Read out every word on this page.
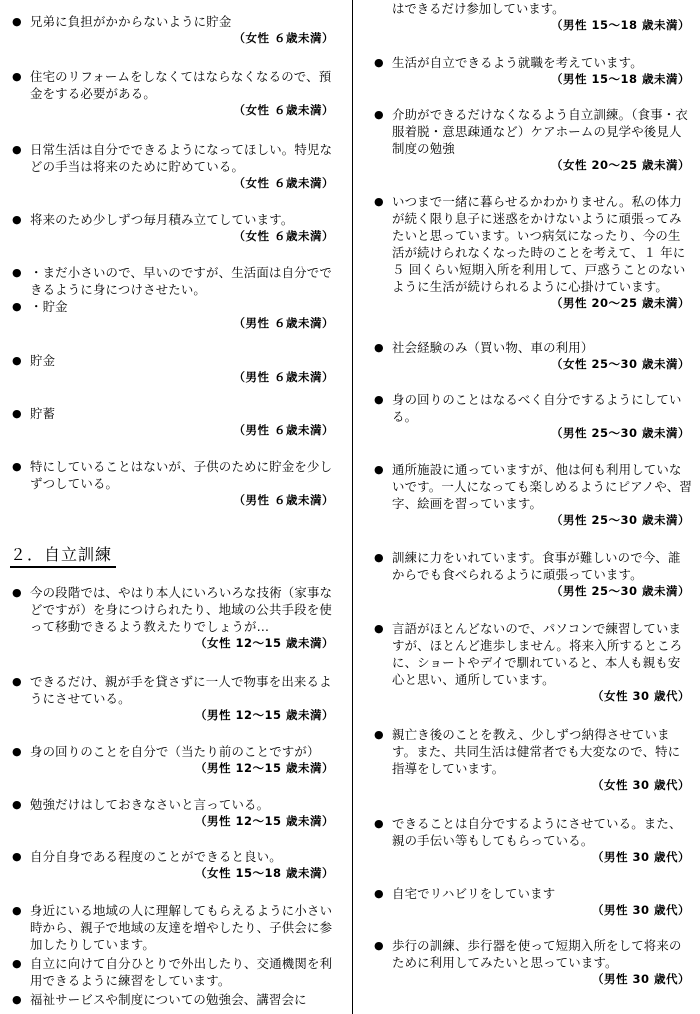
● 兄弟に負担がかからないように貯金
（女性 ６歳未満）
● 住宅のリフォームをしなくてはならなくなるので、預金をする必要がある。
（女性 ６歳未満）
● 日常生活は自分でできるようになってほしい。特児などの手当は将来のために貯めている。
（女性 ６歳未満）
● 将来のため少しずつ毎月積み立てしています。
（女性 ６歳未満）
● ・まだ小さいので、早いのですが、生活面は自分でできるように身につけさせたい。
● ・貯金
（男性 ６歳未満）
● 貯金
（男性 ６歳未満）
● 貯蓄
（男性 ６歳未満）
● 特にしていることはないが、子供のために貯金を少しずつしている。
（男性 ６歳未満）
２．自立訓練
● 今の段階では、やはり本人にいろいろな技術（家事などですが）を身につけられたり、地域の公共手段を使って移動できるよう教えたりでしょうが…
（女性 12～15 歳未満）
● できるだけ、親が手を貸さずに一人で物事を出来るようにさせている。
（男性 12～15 歳未満）
● 身の回りのことを自分で（当たり前のことですが）
（男性 12～15 歳未満）
● 勉強だけはしておきなさいと言っている。
（男性 12～15 歳未満）
● 自分自身である程度のことができると良い。
（女性 15～18 歳未満）
● 身近にいる地域の人に理解してもらえるように小さい時から、親子で地域の友達を増やしたり、子供会に参加したりしています。
● 自立に向けて自分ひとりで外出したり、交通機関を利用できるように練習をしています。
● 福祉サービスや制度についての勉強会、講習会に
はできるだけ参加しています。
（男性 15～18 歳未満）
● 生活が自立できるよう就職を考えています。
（男性 15～18 歳未満）
● 介助ができるだけなくなるよう自立訓練。（食事・衣服着脱・意思疎通など）ケアホームの見学や後見人制度の勉強
（女性 20～25 歳未満）
● いつまで一緒に暮らせるかわかりません。私の体力が続く限り息子に迷惑をかけないように頑張ってみたいと思っています。いつ病気になったり、今の生活が続けられなくなった時のことを考えて、１ 年に ５ 回くらい短期入所を利用して、戸惑うことのないように生活が続けられるように心掛けています。
（男性 20～25 歳未満）
● 社会経験のみ（買い物、車の利用）
（女性 25～30 歳未満）
● 身の回りのことはなるべく自分でするようにしている。
（男性 25～30 歳未満）
● 通所施設に通っていますが、他は何も利用していないです。一人になっても楽しめるようにピアノや、習字、絵画を習っています。
（男性 25～30 歳未満）
● 訓練に力をいれています。食事が難しいので今、誰からでも食べられるように頑張っています。
（男性 25～30 歳未満）
● 言語がほとんどないので、パソコンで練習していますが、ほとんど進歩しません。将来入所するところに、ショートやデイで馴れていると、本人も親も安心と思い、通所しています。
（女性 30 歳代）
● 親亡き後のことを教え、少しずつ納得させています。また、共同生活は健常者でも大変なので、特に指導をしています。
（女性 30 歳代）
● できることは自分でするようにさせている。また、親の手伝い等もしてもらっている。
（男性 30 歳代）
● 自宅でリハビリをしています
（男性 30 歳代）
● 歩行の訓練、歩行器を使って短期入所をして将来のために利用してみたいと思っています。
（男性 30 歳代）
